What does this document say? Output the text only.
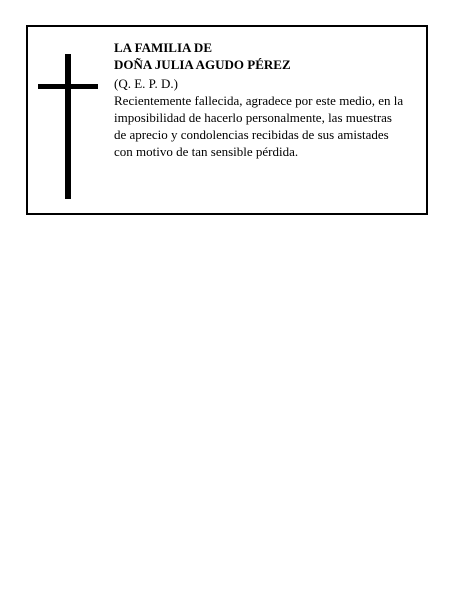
LA FAMILIA DE

DOÑA JULIA AGUDO PÉREZ

(Q. E. P. D.)

Recientemente fallecida, agradece por este medio, en la
imposibilidad de hacerlo personalmente, las muestras
de aprecio y condolencias recibidas de sus amistades
con motivo de tan sensible pérdida.
